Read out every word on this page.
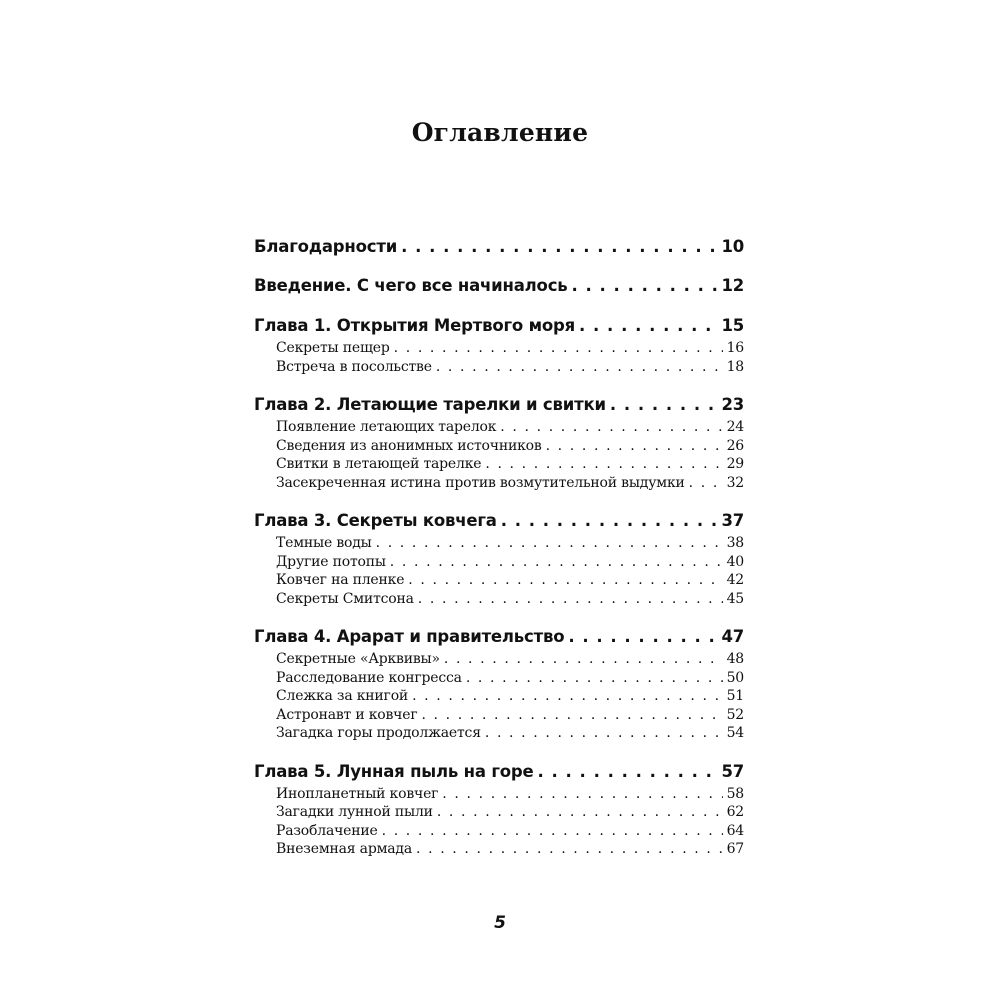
Оглавление
Благодарности . . .	10
Введение. С чего все начиналось . . .	12
Глава 1. Открытия Мертвого моря . . .	15
Секреты пещер . . .	16
Встреча в посольстве . . .	18
Глава 2. Летающие тарелки и свитки . . .	23
Появление летающих тарелок . . .	24
Сведения из анонимных источников . . .	26
Свитки в летающей тарелке . . .	29
Засекреченная истина против возмутительной выдумки . . .	32
Глава 3. Секреты ковчега . . .	37
Темные воды . . .	38
Другие потопы . . .	40
Ковчег на пленке . . .	42
Секреты Смитсона . . .	45
Глава 4. Арарат и правительство . . .	47
Секретные «Арквивы» . . .	48
Расследование конгресса . . .	50
Слежка за книгой . . .	51
Астронавт и ковчег . . .	52
Загадка горы продолжается . . .	54
Глава 5. Лунная пыль на горе . . .	57
Инопланетный ковчег . . .	58
Загадки лунной пыли . . .	62
Разоблачение . . .	64
Внеземная армада . . .	67
5
